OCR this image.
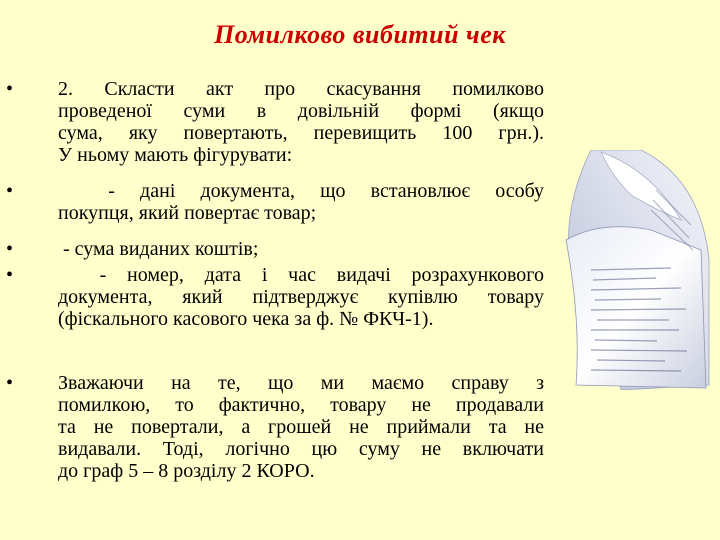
Помилково вибитий чек
• 2. Скласти акт про скасування помилково
проведеної суми в довільній формі (якщо
сума, яку повертають, перевищить 100 грн.).
У ньому мають фігурувати:
• - дані документа, що встановлює особу
покупця, який повертає товар;
• - сума виданих коштів;
• - номер, дата і час видачі розрахункового
документа, який підтверджує купівлю товару
(фіскального касового чека за ф. № ФКЧ-1).
• Зважаючи на те, що ми маємо справу з
помилкою, то фактично, товару не продавали
та не повертали, а грошей не приймали та не
видавали. Тоді, логічно цю суму не включати
до граф 5 – 8 розділу 2 КОРО.
